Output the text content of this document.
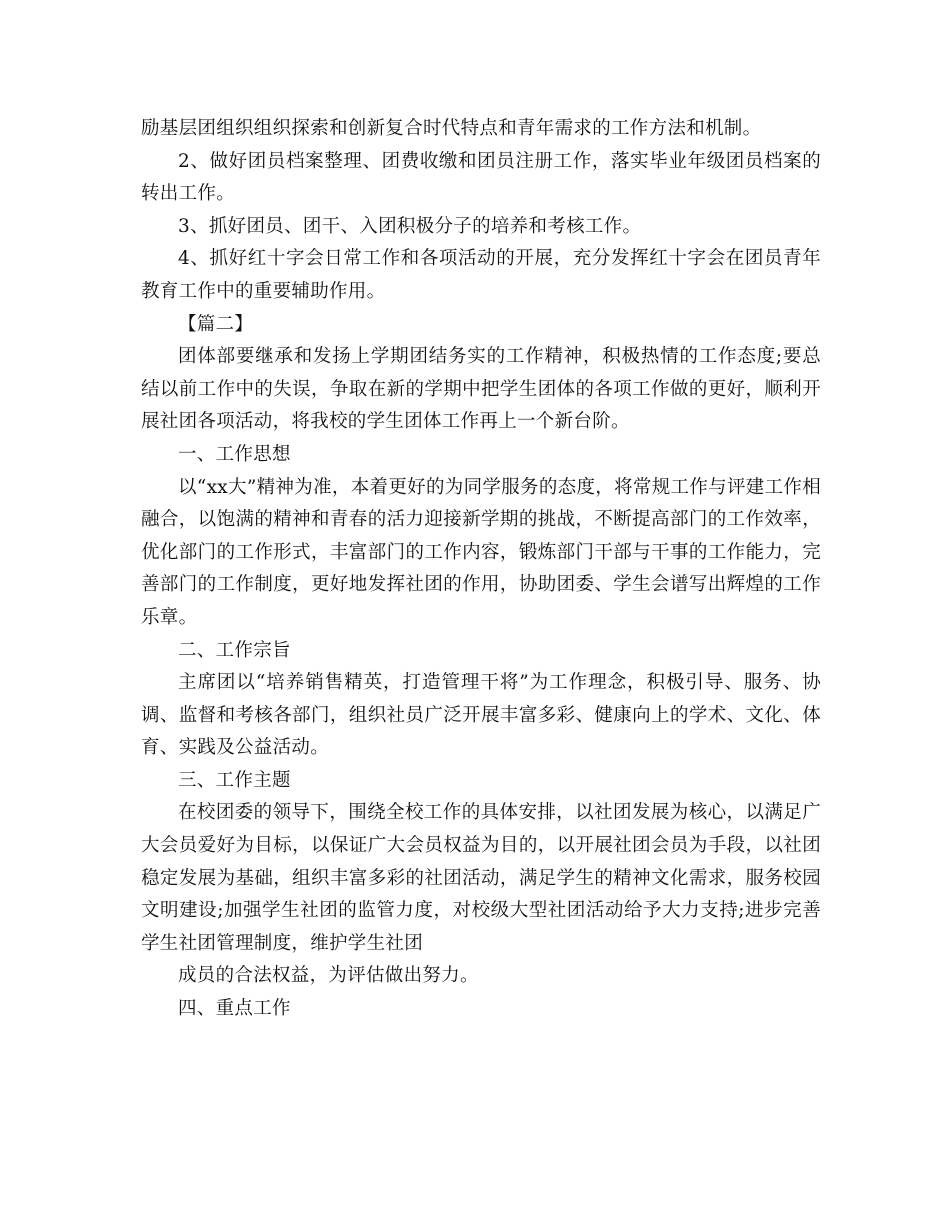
励基层团组织组织探索和创新复合时代特点和青年需求的工作方法和机制。

2、做好团员档案整理、团费收缴和团员注册工作，落实毕业年级团员档案的转出工作。

3、抓好团员、团干、入团积极分子的培养和考核工作。

4、抓好红十字会日常工作和各项活动的开展，充分发挥红十字会在团员青年教育工作中的重要辅助作用。

【篇二】

团体部要继承和发扬上学期团结务实的工作精神，积极热情的工作态度;要总结以前工作中的失误，争取在新的学期中把学生团体的各项工作做的更好，顺利开展社团各项活动，将我校的学生团体工作再上一个新台阶。

一、工作思想

以“xx大”精神为准，本着更好的为同学服务的态度，将常规工作与评建工作相融合，以饱满的精神和青春的活力迎接新学期的挑战，不断提高部门的工作效率，优化部门的工作形式，丰富部门的工作内容，锻炼部门干部与干事的工作能力，完善部门的工作制度，更好地发挥社团的作用，协助团委、学生会谱写出辉煌的工作乐章。

二、工作宗旨

主席团以“培养销售精英，打造管理干将”为工作理念，积极引导、服务、协调、监督和考核各部门，组织社员广泛开展丰富多彩、健康向上的学术、文化、体育、实践及公益活动。

三、工作主题

在校团委的领导下，围绕全校工作的具体安排，以社团发展为核心，以满足广大会员爱好为目标，以保证广大会员权益为目的，以开展社团会员为手段，以社团稳定发展为基础，组织丰富多彩的社团活动，满足学生的精神文化需求，服务校园文明建设;加强学生社团的监管力度，对校级大型社团活动给予大力支持;进步完善学生社团管理制度，维护学生社团

成员的合法权益，为评估做出努力。

四、重点工作
